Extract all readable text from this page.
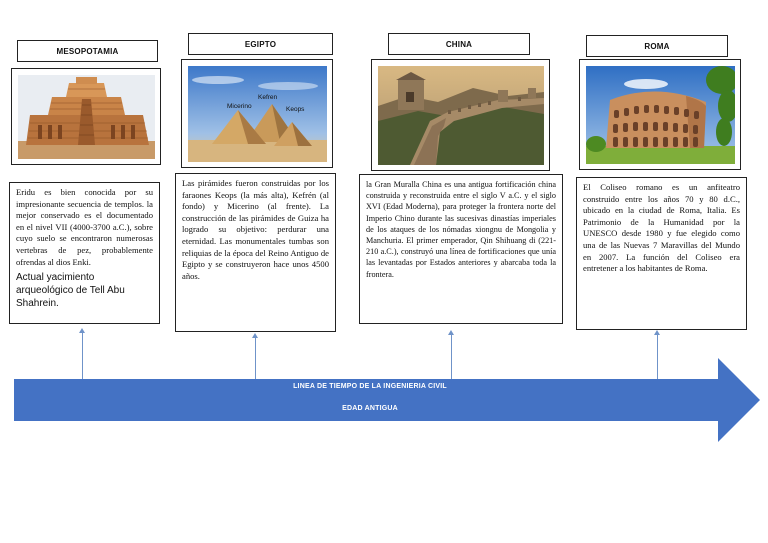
MESOPOTAMIA
EGIPTO	CHINA	ROMA
Micerino
Kefren
Keops

Eridu es bien conocida por su impresionante secuencia de templos. la mejor conservado es el documentado en el nivel VII (4000-3700 a.C.), sobre cuyo suelo se encontraron numerosas vertebras de pez, probablemente ofrendas al dios Enki.

Actual yacimiento arqueológico de Tell Abu Shahrein.

Las pirámides fueron construidas por los faraones Keops (la más alta), Kefrén (al fondo) y Micerino (al frente). La construcción de las pirámides de Guiza ha logrado su objetivo: perdurar una eternidad. Las monumentales tumbas son reliquias de la época del Reino Antiguo de Egipto y se construyeron hace unos 4500 años.

la Gran Muralla China es una antigua fortificación china construida y reconstruida entre el siglo V a.C. y el siglo XVI (Edad Moderna), para proteger la frontera norte del Imperio Chino durante las sucesivas dinastías imperiales de los ataques de los nómadas xiongnu de Mongolia y Manchuria. El primer emperador, Qin Shihuang di (221-210 a.C.), construyó una línea de fortificaciones que unía las levantadas por Estados anteriores y abarcaba toda la frontera.

El Coliseo romano es un anfiteatro construido entre los años 70 y 80 d.C., ubicado en la ciudad de Roma, Italia. Es Patrimonio de la Humanidad por la UNESCO desde 1980 y fue elegido como una de las Nuevas 7 Maravillas del Mundo en 2007. La función del Coliseo era entretener a los habitantes de Roma.

LINEA DE TIEMPO DE LA INGENIERIA CIVIL
EDAD ANTIGUA
